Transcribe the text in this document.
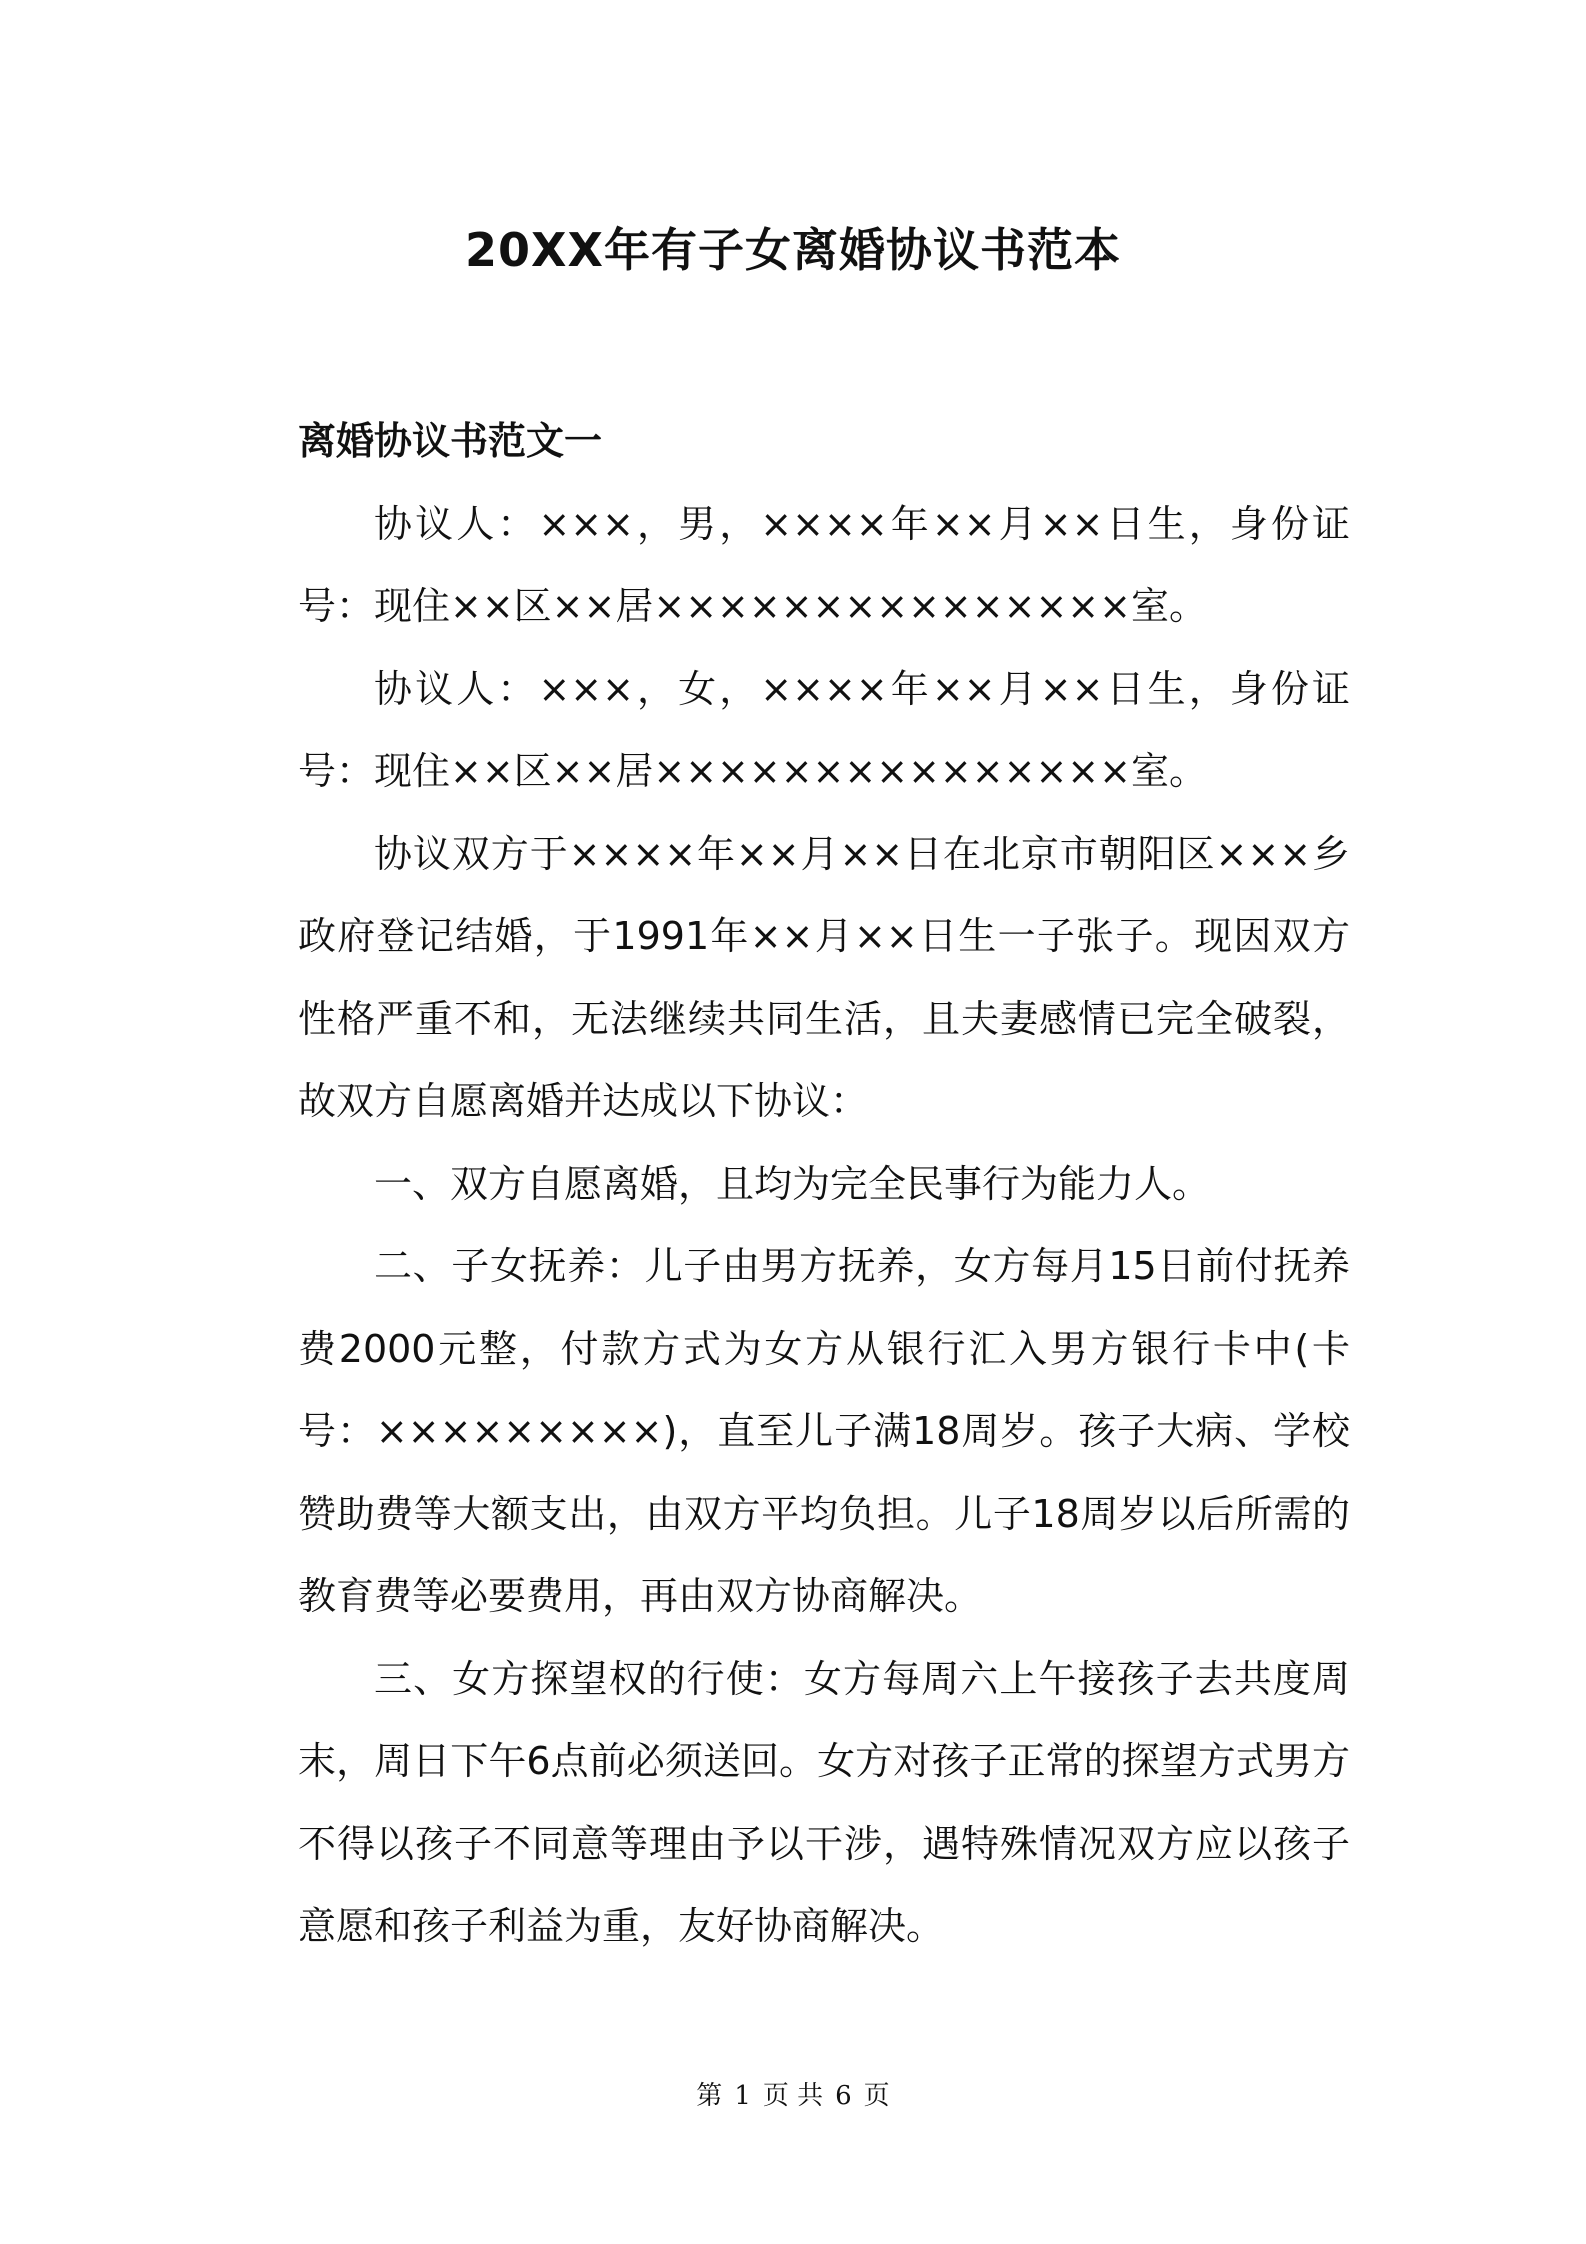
20XX年有子女离婚协议书范本
离婚协议书范文一

协议人：×××，男，××××年××月××日生，身份证号：现住××区××居×××××××××××××××室。

协议人：×××，女，××××年××月××日生，身份证号：现住××区××居×××××××××××××××室。

协议双方于××××年××月××日在北京市朝阳区×××乡政府登记结婚，于1991年××月××日生一子张子。现因双方性格严重不和，无法继续共同生活，且夫妻感情已完全破裂，故双方自愿离婚并达成以下协议：

一、双方自愿离婚，且均为完全民事行为能力人。

二、子女抚养：儿子由男方抚养，女方每月15日前付抚养费2000元整，付款方式为女方从银行汇入男方银行卡中(卡号：×××××××××)，直至儿子满18周岁。孩子大病、学校赞助费等大额支出，由双方平均负担。儿子18周岁以后所需的教育费等必要费用，再由双方协商解决。

三、女方探望权的行使：女方每周六上午接孩子去共度周末，周日下午6点前必须送回。女方对孩子正常的探望方式男方不得以孩子不同意等理由予以干涉，遇特殊情况双方应以孩子意愿和孩子利益为重，友好协商解决。

第 1 页 共 6 页
